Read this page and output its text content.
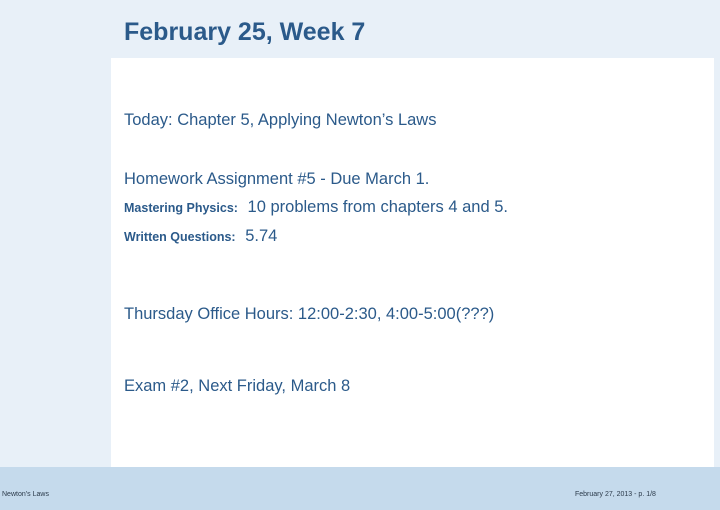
February 25, Week 7
Today: Chapter 5, Applying Newton’s Laws
Homework Assignment #5 - Due March 1.
Mastering Physics: 10 problems from chapters 4 and 5.
Written Questions: 5.74
Thursday Office Hours: 12:00-2:30, 4:00-5:00(???)
Exam #2, Next Friday, March 8
Newton’s Laws	February 27, 2013 - p. 1/8
